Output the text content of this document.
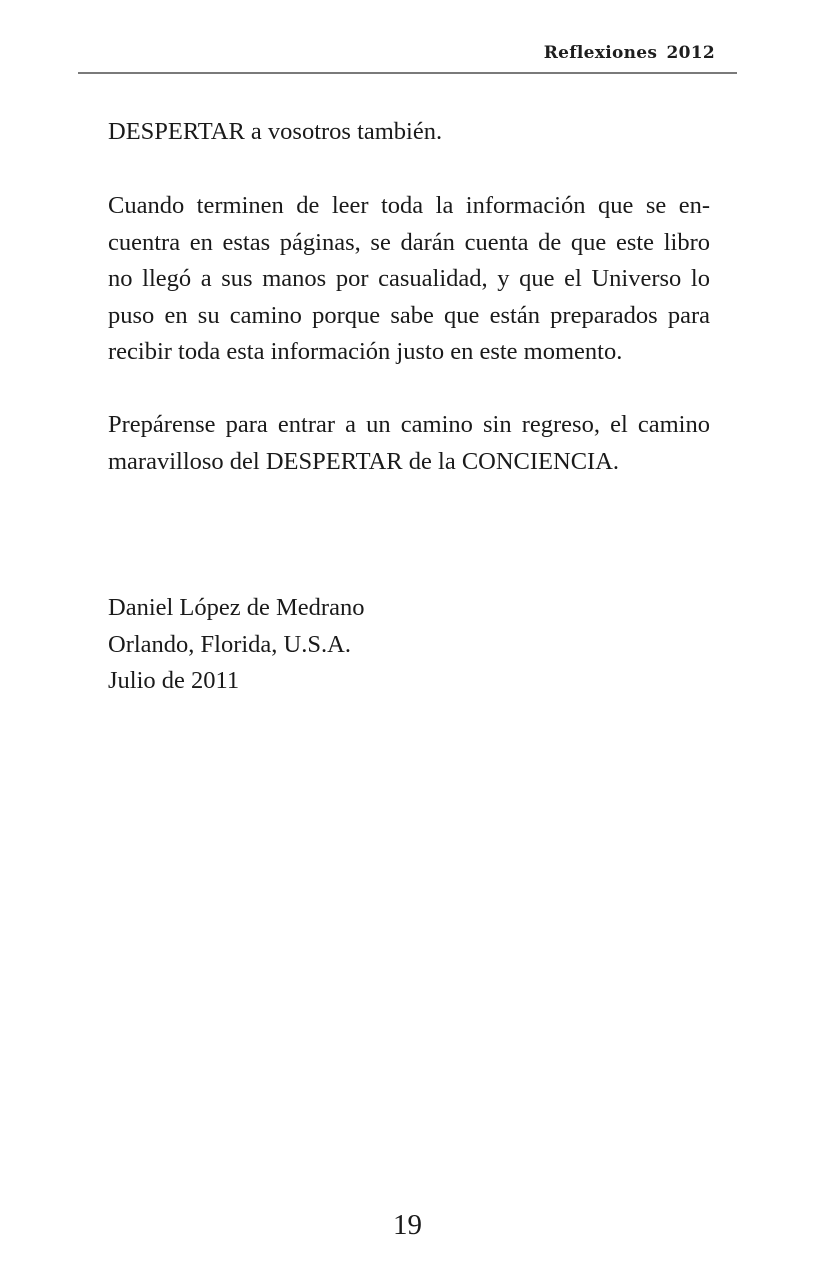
Reflexiones 2012

DESPERTAR a vosotros también.

Cuando terminen de leer toda la información que se en-
cuentra en estas páginas, se darán cuenta de que este libro
no llegó a sus manos por casualidad, y que el Universo lo
puso en su camino porque sabe que están preparados para
recibir toda esta información justo en este momento.

Prepárense para entrar a un camino sin regreso, el camino
maravilloso del DESPERTAR de la CONCIENCIA.

Daniel López de Medrano
Orlando, Florida, U.S.A.
Julio de 2011
19
